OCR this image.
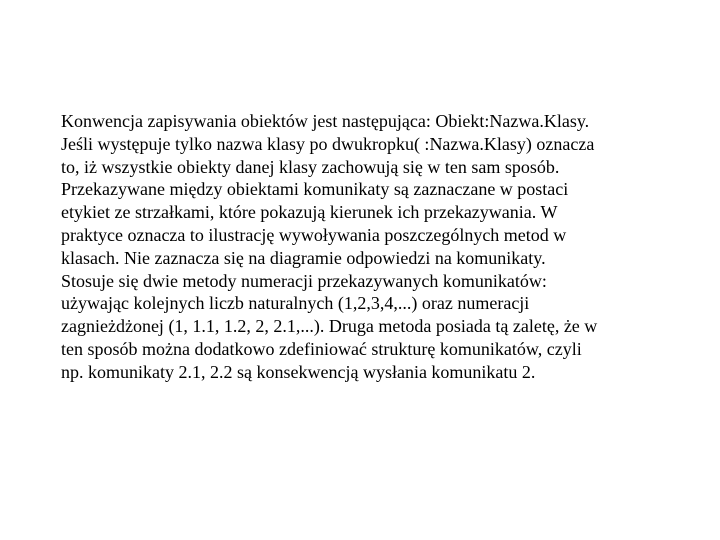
Konwencja zapisywania obiektów jest następująca: Obiekt:Nazwa.Klasy.
Jeśli występuje tylko nazwa klasy po dwukropku( :Nazwa.Klasy) oznacza
to, iż wszystkie obiekty danej klasy zachowują się w ten sam sposób.
Przekazywane między obiektami komunikaty są zaznaczane w postaci
etykiet ze strzałkami, które pokazują kierunek ich przekazywania. W
praktyce oznacza to ilustrację wywoływania poszczególnych metod w
klasach. Nie zaznacza się na diagramie odpowiedzi na komunikaty.
Stosuje się dwie metody numeracji przekazywanych komunikatów:
używając kolejnych liczb naturalnych (1,2,3,4,...) oraz numeracji
zagnieżdżonej (1, 1.1, 1.2, 2, 2.1,...). Druga metoda posiada tą zaletę, że w
ten sposób można dodatkowo zdefiniować strukturę komunikatów, czyli
np. komunikaty 2.1, 2.2 są konsekwencją wysłania komunikatu 2.
